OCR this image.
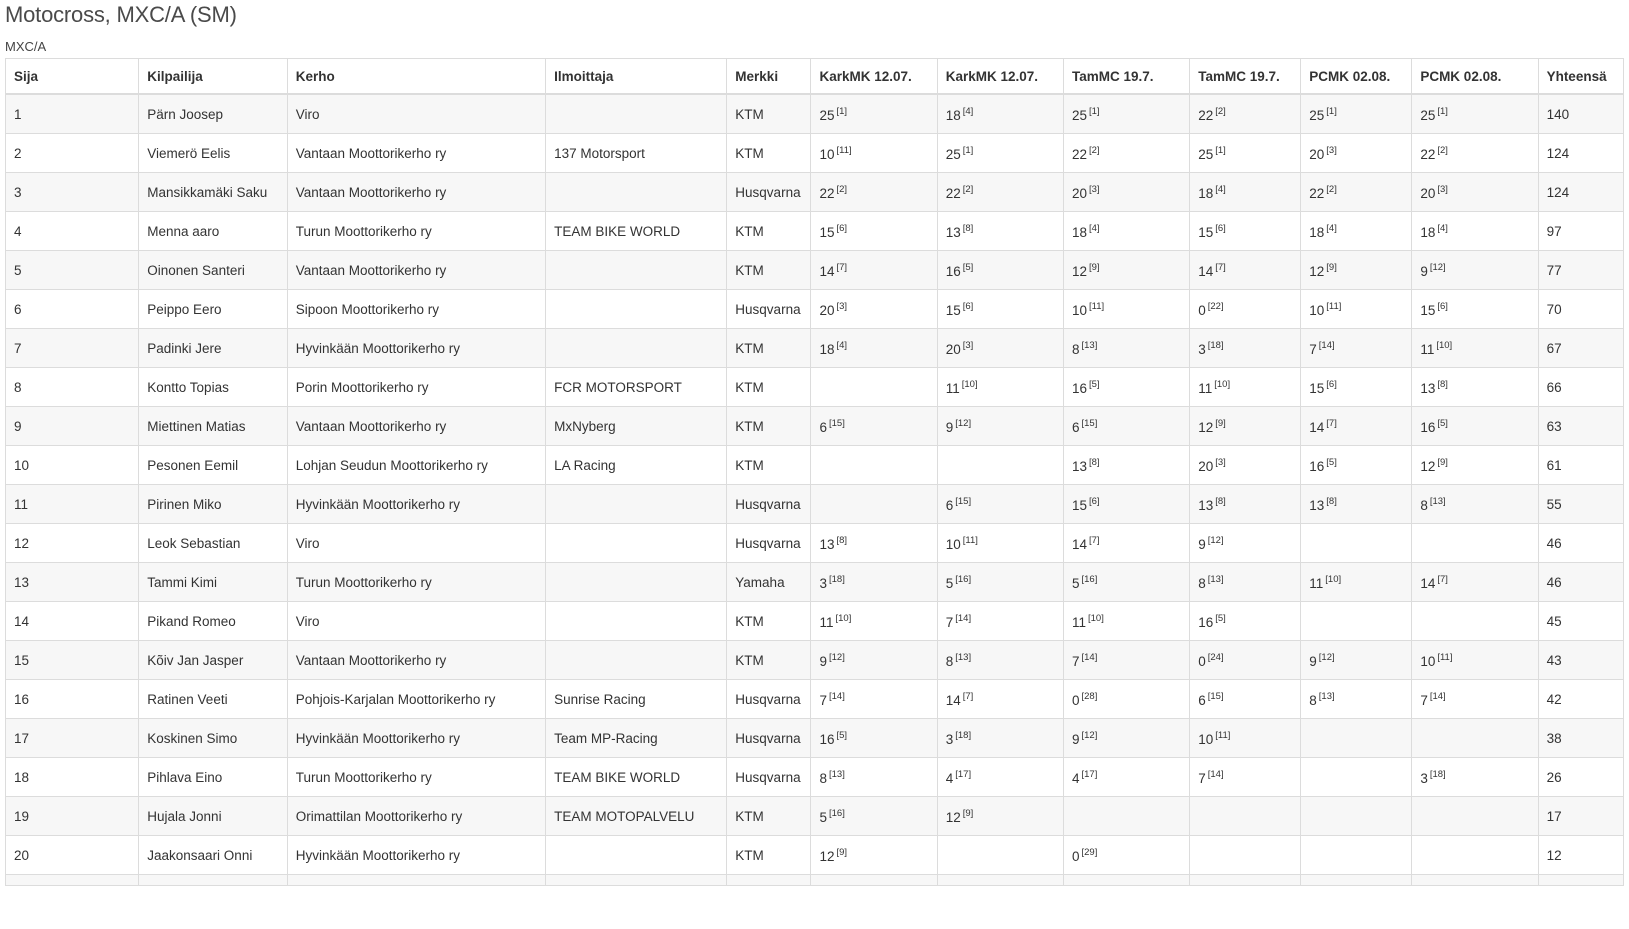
Motocross, MXC/A (SM)
MXC/A
Sija	Kilpailija	Kerho	Ilmoittaja	Merkki	KarkMK 12.07.	KarkMK 12.07.	TamMC 19.7.	TamMC 19.7.	PCMK 02.08.	PCMK 02.08.	Yhteensä
1	Pärn Joosep	Viro		KTM	25 [1]	18 [4]	25 [1]	22 [2]	25 [1]	25 [1]	140
2	Viemerö Eelis	Vantaan Moottorikerho ry	137 Motorsport	KTM	10 [11]	25 [1]	22 [2]	25 [1]	20 [3]	22 [2]	124
3	Mansikkamäki Saku	Vantaan Moottorikerho ry		Husqvarna	22 [2]	22 [2]	20 [3]	18 [4]	22 [2]	20 [3]	124
4	Menna aaro	Turun Moottorikerho ry	TEAM BIKE WORLD	KTM	15 [6]	13 [8]	18 [4]	15 [6]	18 [4]	18 [4]	97
5	Oinonen Santeri	Vantaan Moottorikerho ry		KTM	14 [7]	16 [5]	12 [9]	14 [7]	12 [9]	9 [12]	77
6	Peippo Eero	Sipoon Moottorikerho ry		Husqvarna	20 [3]	15 [6]	10 [11]	0 [22]	10 [11]	15 [6]	70
7	Padinki Jere	Hyvinkään Moottorikerho ry		KTM	18 [4]	20 [3]	8 [13]	3 [18]	7 [14]	11 [10]	67
8	Kontto Topias	Porin Moottorikerho ry	FCR MOTORSPORT	KTM		11 [10]	16 [5]	11 [10]	15 [6]	13 [8]	66
9	Miettinen Matias	Vantaan Moottorikerho ry	MxNyberg	KTM	6 [15]	9 [12]	6 [15]	12 [9]	14 [7]	16 [5]	63
10	Pesonen Eemil	Lohjan Seudun Moottorikerho ry	LA Racing	KTM			13 [8]	20 [3]	16 [5]	12 [9]	61
11	Pirinen Miko	Hyvinkään Moottorikerho ry		Husqvarna		6 [15]	15 [6]	13 [8]	13 [8]	8 [13]	55
12	Leok Sebastian	Viro		Husqvarna	13 [8]	10 [11]	14 [7]	9 [12]			46
13	Tammi Kimi	Turun Moottorikerho ry		Yamaha	3 [18]	5 [16]	5 [16]	8 [13]	11 [10]	14 [7]	46
14	Pikand Romeo	Viro		KTM	11 [10]	7 [14]	11 [10]	16 [5]			45
15	Kõiv Jan Jasper	Vantaan Moottorikerho ry		KTM	9 [12]	8 [13]	7 [14]	0 [24]	9 [12]	10 [11]	43
16	Ratinen Veeti	Pohjois-Karjalan Moottorikerho ry	Sunrise Racing	Husqvarna	7 [14]	14 [7]	0 [28]	6 [15]	8 [13]	7 [14]	42
17	Koskinen Simo	Hyvinkään Moottorikerho ry	Team MP-Racing	Husqvarna	16 [5]	3 [18]	9 [12]	10 [11]			38
18	Pihlava Eino	Turun Moottorikerho ry	TEAM BIKE WORLD	Husqvarna	8 [13]	4 [17]	4 [17]	7 [14]		3 [18]	26
19	Hujala Jonni	Orimattilan Moottorikerho ry	TEAM MOTOPALVELU	KTM	5 [16]	12 [9]					17
20	Jaakonsaari Onni	Hyvinkään Moottorikerho ry		KTM	12 [9]		0 [29]				12
